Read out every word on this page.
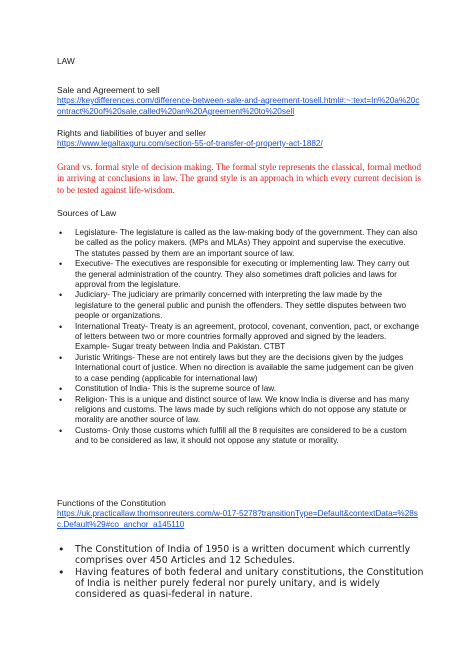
LAW

Sale and Agreement to sell

https://keydifferences.com/difference-between-sale-and-agreement-tosell.html#:~:text=In%20a%20contract%20of%20sale,called%20an%20Agreement%20to%20sell

Rights and liabilities of buyer and seller

https://www.legaltaxguru.com/section-55-of-transfer-of-property-act-1882/

Grand vs. formal style of decision making. The formal style represents the classical, formal method in arriving at conclusions in law. The grand style is an approach in which every current decision is to be tested against life-wisdom.

Sources of Law

• Legislature- The legislature is called as the law-making body of the government. They can also be called as the policy makers. (MPs and MLAs) They appoint and supervise the executive. The statutes passed by them are an important source of law.
• Executive- The executives are responsible for executing or implementing law. They carry out the general administration of the country. They also sometimes draft policies and laws for approval from the legislature.
• Judiciary- The judiciary are primarily concerned with interpreting the law made by the legislature to the general public and punish the offenders. They settle disputes between two people or organizations.
• International Treaty- Treaty is an agreement, protocol, covenant, convention, pact, or exchange of letters between two or more countries formally approved and signed by the leaders. Example- Sugar treaty between India and Pakistan. CTBT
• Juristic Writings- These are not entirely laws but they are the decisions given by the judges International court of justice. When no direction is available the same judgement can be given to a case pending (applicable for international law)
• Constitution of India- This is the supreme source of law.
• Religion- This is a unique and distinct source of law. We know India is diverse and has many religions and customs. The laws made by such religions which do not oppose any statute or morality are another source of law.
• Customs- Only those customs which fulfill all the 8 requisites are considered to be a custom and to be considered as law, it should not oppose any statute or morality.

Functions of the Constitution

https://uk.practicallaw.thomsonreuters.com/w-017-5278?transitionType=Default&contextData=%28sc.Default%29#co_anchor_a145110
• The Constitution of India of 1950 is a written document which currently comprises over 450 Articles and 12 Schedules.
• Having features of both federal and unitary constitutions, the Constitution of India is neither purely federal nor purely unitary, and is widely considered as quasi-federal in nature.
